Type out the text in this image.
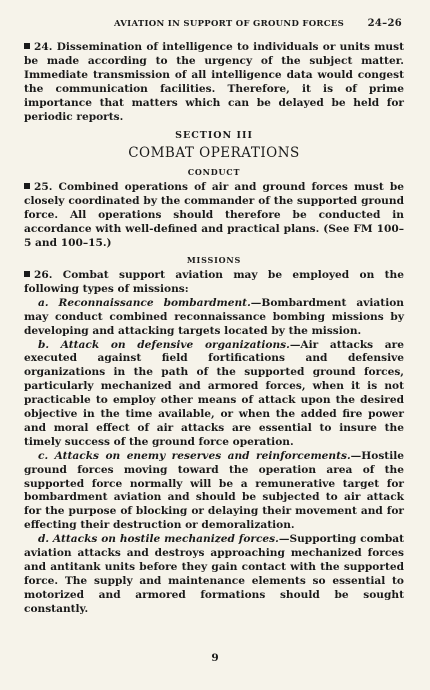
AVIATION IN SUPPORT OF GROUND FORCES 24–26

24. Dissemination of intelligence to individuals or units must be made according to the urgency of the subject matter. Immediate transmission of all intelligence data would congest the communication facilities. Therefore, it is of prime importance that matters which can be delayed be held for periodic reports.

SECTION III
COMBAT OPERATIONS
CONDUCT

25. Combined operations of air and ground forces must be closely coordinated by the commander of the supported ground force. All operations should therefore be conducted in accordance with well-defined and practical plans. (See FM 100–5 and 100–15.)

MISSIONS

26. Combat support aviation may be employed on the following types of missions:

a. Reconnaissance bombardment.—Bombardment aviation may conduct combined reconnaissance bombing missions by developing and attacking targets located by the mission.

b. Attack on defensive organizations.—Air attacks are executed against field fortifications and defensive organizations in the path of the supported ground forces, particularly mechanized and armored forces, when it is not practicable to employ other means of attack upon the desired objective in the time available, or when the added fire power and moral effect of air attacks are essential to insure the timely success of the ground force operation.

c. Attacks on enemy reserves and reinforcements.—Hostile ground forces moving toward the operation area of the supported force normally will be a remunerative target for bombardment aviation and should be subjected to air attack for the purpose of blocking or delaying their movement and for effecting their destruction or demoralization.

d. Attacks on hostile mechanized forces.—Supporting combat aviation attacks and destroys approaching mechanized forces and antitank units before they gain contact with the supported force. The supply and maintenance elements so essential to motorized and armored formations should be sought constantly.

9
